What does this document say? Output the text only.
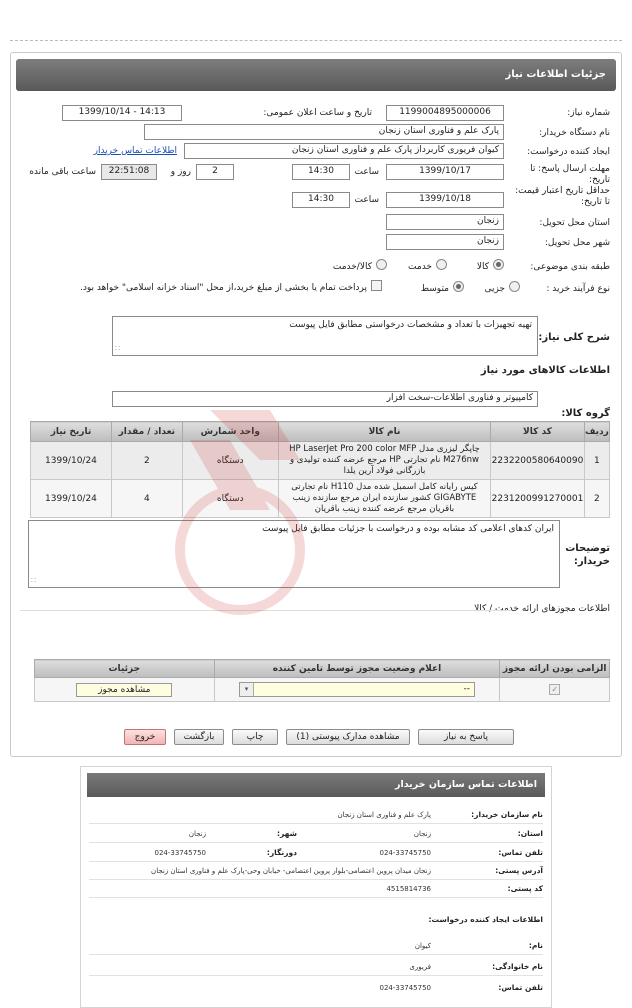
جزئیات اطلاعات نیاز
شماره نیاز:
1199004895000006
تاریخ و ساعت اعلان عمومی:
1399/10/14 - 14:13
نام دستگاه خریدار:
پارک علم و فناوری استان زنجان
ایجاد کننده درخواست:
کیوان فریوری کاربرداز پارک علم و فناوری استان زنجان
اطلاعات تماس خریدار
مهلت ارسال پاسخ: تا تاریخ:
1399/10/17
ساعت
14:30
2
روز و
22:51:08
ساعت باقی مانده
حداقل تاریخ اعتبار قیمت: تا تاریخ:
1399/10/18
ساعت
14:30
استان محل تحویل:
زنجان
شهر محل تحویل:
زنجان
طبقه بندی موضوعی:
کالا
خدمت
کالا/خدمت
نوع فرآیند خرید :
جزیی
متوسط
پرداخت تمام یا بخشی از مبلغ خرید،از محل "اسناد خزانه اسلامی" خواهد بود.
شرح کلی نیاز:
تهیه تجهیزات با تعداد و مشخصات درخواستی مطابق فایل پیوست
∷
اطلاعات کالاهای مورد نیاز
گروه کالا:
کامپیوتر و فناوری اطلاعات-سخت افزار
ردیف	کد کالا	نام کالا	واحد شمارش	تعداد / مقدار	تاریخ نیاز
1	2232200580640090	چاپگر لیزری مدل HP LaserJet Pro 200 color MFP M276nw نام تجارتی HP مرجع عرضه کننده تولیدی و بازرگانی فولاد آرین یلدا	دستگاه	2	1399/10/24
2	2231200991270001	کیس رایانه کامل اسمبل شده مدل H110 نام تجارتی GIGABYTE کشور سازنده ایران مرجع سازنده زینب باقریان مرجع عرضه کننده زینب باقریان	دستگاه	4	1399/10/24
توضیحات خریدار:
ایران کدهای اعلامی کد مشابه بوده و درخواست با جزئیات مطابق فایل پیوست
∷
اطلاعات مجوزهای ارائه خدمت / کالا
الزامی بودن ارائه مجوز	اعلام وضعیت مجوز توسط تامین کننده	جزئیات
✓	▾ --	مشاهده مجوز
پاسخ به نیاز
مشاهده مدارک پیوستی (1)
چاپ
بازگشت
خروج
اطلاعات تماس سازمان خریدار
نام سازمان خریدار:
پارک علم و فناوری استان زنجان
استان:
زنجان
شهر:
زنجان
تلفن تماس:
024-33745750
دورنگار:
024-33745750
آدرس پستی:
زنجان میدان پروین اعتصامی-بلوار پروین اعتصامی- خیابان وحی-پارک علم و فناوری استان زنجان
کد پستی:
4515814736
اطلاعات ایجاد کننده درخواست:
نام:
کیوان
نام خانوادگی:
فریوری
تلفن تماس:
024-33745750
